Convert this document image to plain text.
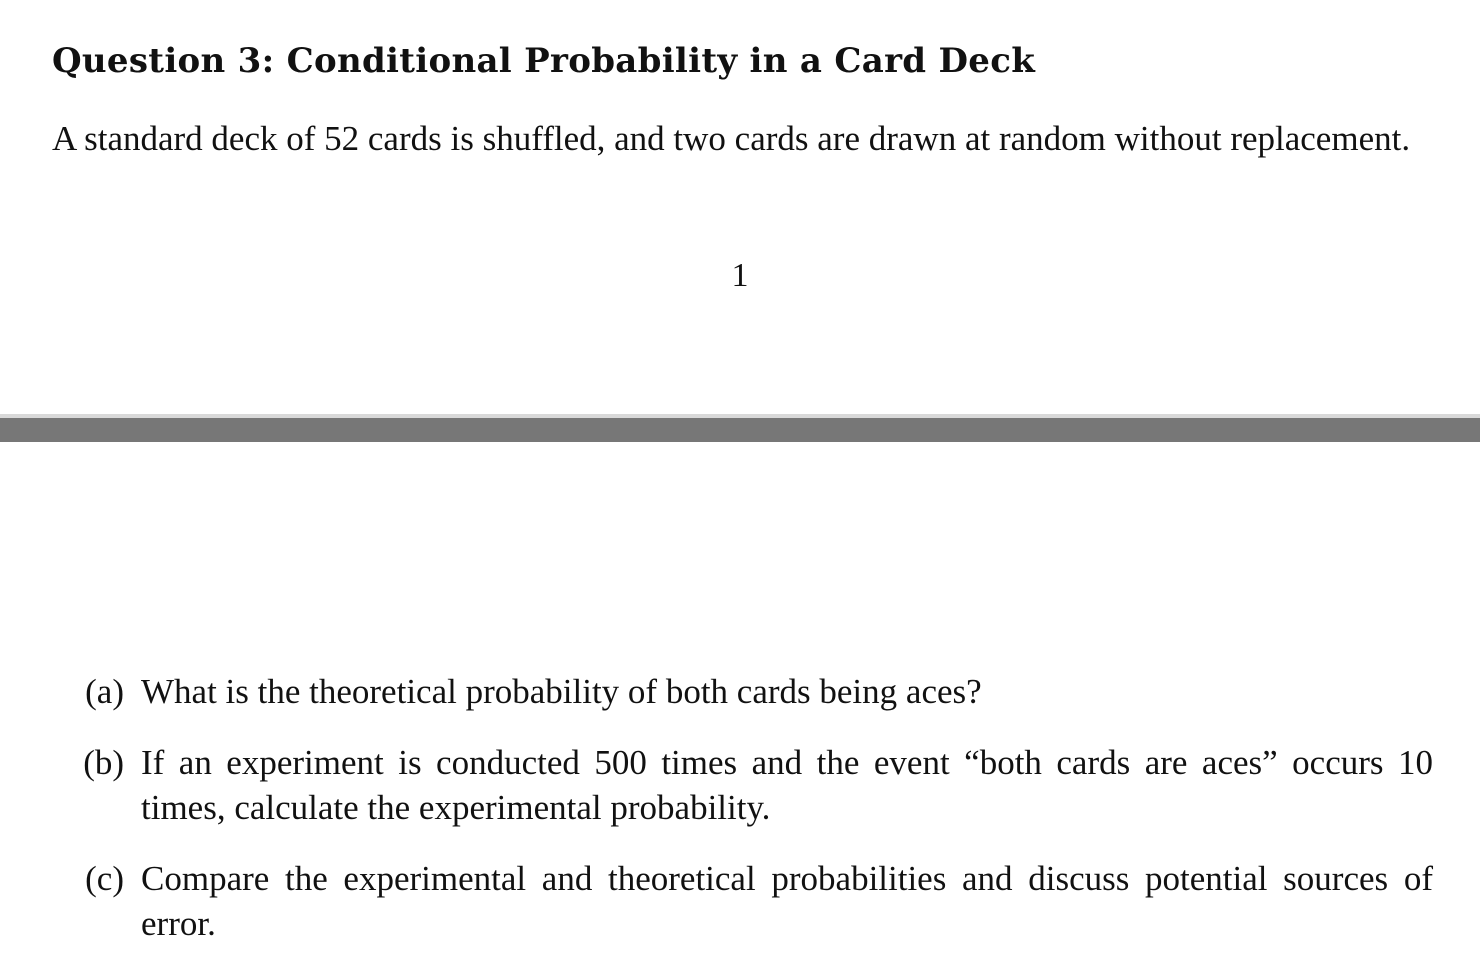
Question 3: Conditional Probability in a Card Deck

A standard deck of 52 cards is shuffled, and two cards are drawn at random without replacement.

1
(a) What is the theoretical probability of both cards being aces?

(b) If an experiment is conducted 500 times and the event “both cards are aces” occurs 10 times, calculate the experimental probability.

(c) Compare the experimental and theoretical probabilities and discuss potential sources of error.
